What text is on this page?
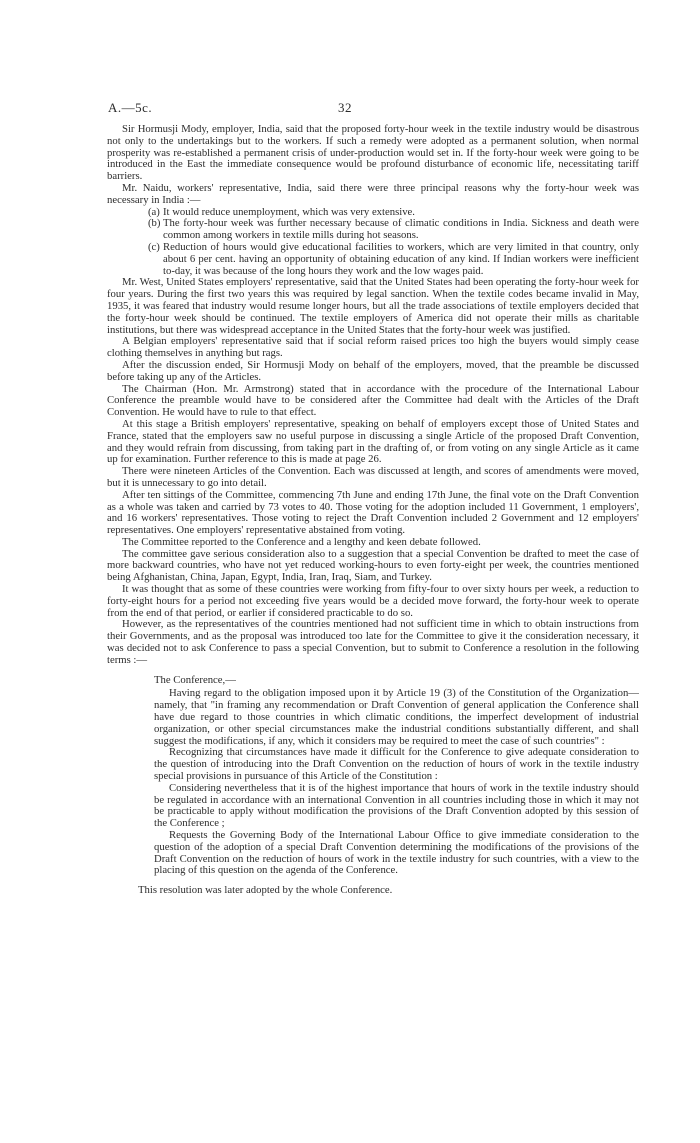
A.—5c.	32

Sir Hormusji Mody, employer, India, said that the proposed forty-hour week in the textile industry would be disastrous not only to the undertakings but to the workers. If such a remedy were adopted as a permanent solution, when normal prosperity was re-established a permanent crisis of under-production would set in. If the forty-hour week were going to be introduced in the East the immediate consequence would be profound disturbance of economic life, necessitating tariff barriers.

Mr. Naidu, workers' representative, India, said there were three principal reasons why the forty-hour week was necessary in India :—

(a) It would reduce unemployment, which was very extensive.
(b) The forty-hour week was further necessary because of climatic conditions in India. Sickness and death were common among workers in textile mills during hot seasons.
(c) Reduction of hours would give educational facilities to workers, which are very limited in that country, only about 6 per cent. having an opportunity of obtaining education of any kind. If Indian workers were inefficient to-day, it was because of the long hours they work and the low wages paid.

Mr. West, United States employers' representative, said that the United States had been operating the forty-hour week for four years. During the first two years this was required by legal sanction. When the textile codes became invalid in May, 1935, it was feared that industry would resume longer hours, but all the trade associations of textile employers decided that the forty-hour week should be continued. The textile employers of America did not operate their mills as charitable institutions, but there was widespread acceptance in the United States that the forty-hour week was justified.

A Belgian employers' representative said that if social reform raised prices too high the buyers would simply cease clothing themselves in anything but rags.

After the discussion ended, Sir Hormusji Mody on behalf of the employers, moved, that the preamble be discussed before taking up any of the Articles.

The Chairman (Hon. Mr. Armstrong) stated that in accordance with the procedure of the International Labour Conference the preamble would have to be considered after the Committee had dealt with the Articles of the Draft Convention. He would have to rule to that effect.

At this stage a British employers' representative, speaking on behalf of employers except those of United States and France, stated that the employers saw no useful purpose in discussing a single Article of the proposed Draft Convention, and they would refrain from discussing, from taking part in the drafting of, or from voting on any single Article as it came up for examination. Further reference to this is made at page 26.

There were nineteen Articles of the Convention. Each was discussed at length, and scores of amendments were moved, but it is unnecessary to go into detail.

After ten sittings of the Committee, commencing 7th June and ending 17th June, the final vote on the Draft Convention as a whole was taken and carried by 73 votes to 40. Those voting for the adoption included 11 Government, 1 employers', and 16 workers' representatives. Those voting to reject the Draft Convention included 2 Government and 12 employers' representatives. One employers' representative abstained from voting.

The Committee reported to the Conference and a lengthy and keen debate followed.

The committee gave serious consideration also to a suggestion that a special Convention be drafted to meet the case of more backward countries, who have not yet reduced working-hours to even forty-eight per week, the countries mentioned being Afghanistan, China, Japan, Egypt, India, Iran, Iraq, Siam, and Turkey.

It was thought that as some of these countries were working from fifty-four to over sixty hours per week, a reduction to forty-eight hours for a period not exceeding five years would be a decided move forward, the forty-hour week to operate from the end of that period, or earlier if considered practicable to do so.

However, as the representatives of the countries mentioned had not sufficient time in which to obtain instructions from their Governments, and as the proposal was introduced too late for the Committee to give it the consideration necessary, it was decided not to ask Conference to pass a special Convention, but to submit to Conference a resolution in the following terms :—

The Conference,—

Having regard to the obligation imposed upon it by Article 19 (3) of the Constitution of the Organization—namely, that "in framing any recommendation or Draft Convention of general application the Conference shall have due regard to those countries in which climatic conditions, the imperfect development of industrial organization, or other special circumstances make the industrial conditions substantially different, and shall suggest the modifications, if any, which it considers may be required to meet the case of such countries" :

Recognizing that circumstances have made it difficult for the Conference to give adequate consideration to the question of introducing into the Draft Convention on the reduction of hours of work in the textile industry special provisions in pursuance of this Article of the Constitution :

Considering nevertheless that it is of the highest importance that hours of work in the textile industry should be regulated in accordance with an international Convention in all countries including those in which it may not be practicable to apply without modification the provisions of the Draft Convention adopted by this session of the Conference ;

Requests the Governing Body of the International Labour Office to give immediate consideration to the question of the adoption of a special Draft Convention determining the modifications of the provisions of the Draft Convention on the reduction of hours of work in the textile industry for such countries, with a view to the placing of this question on the agenda of the Conference.

This resolution was later adopted by the whole Conference.
